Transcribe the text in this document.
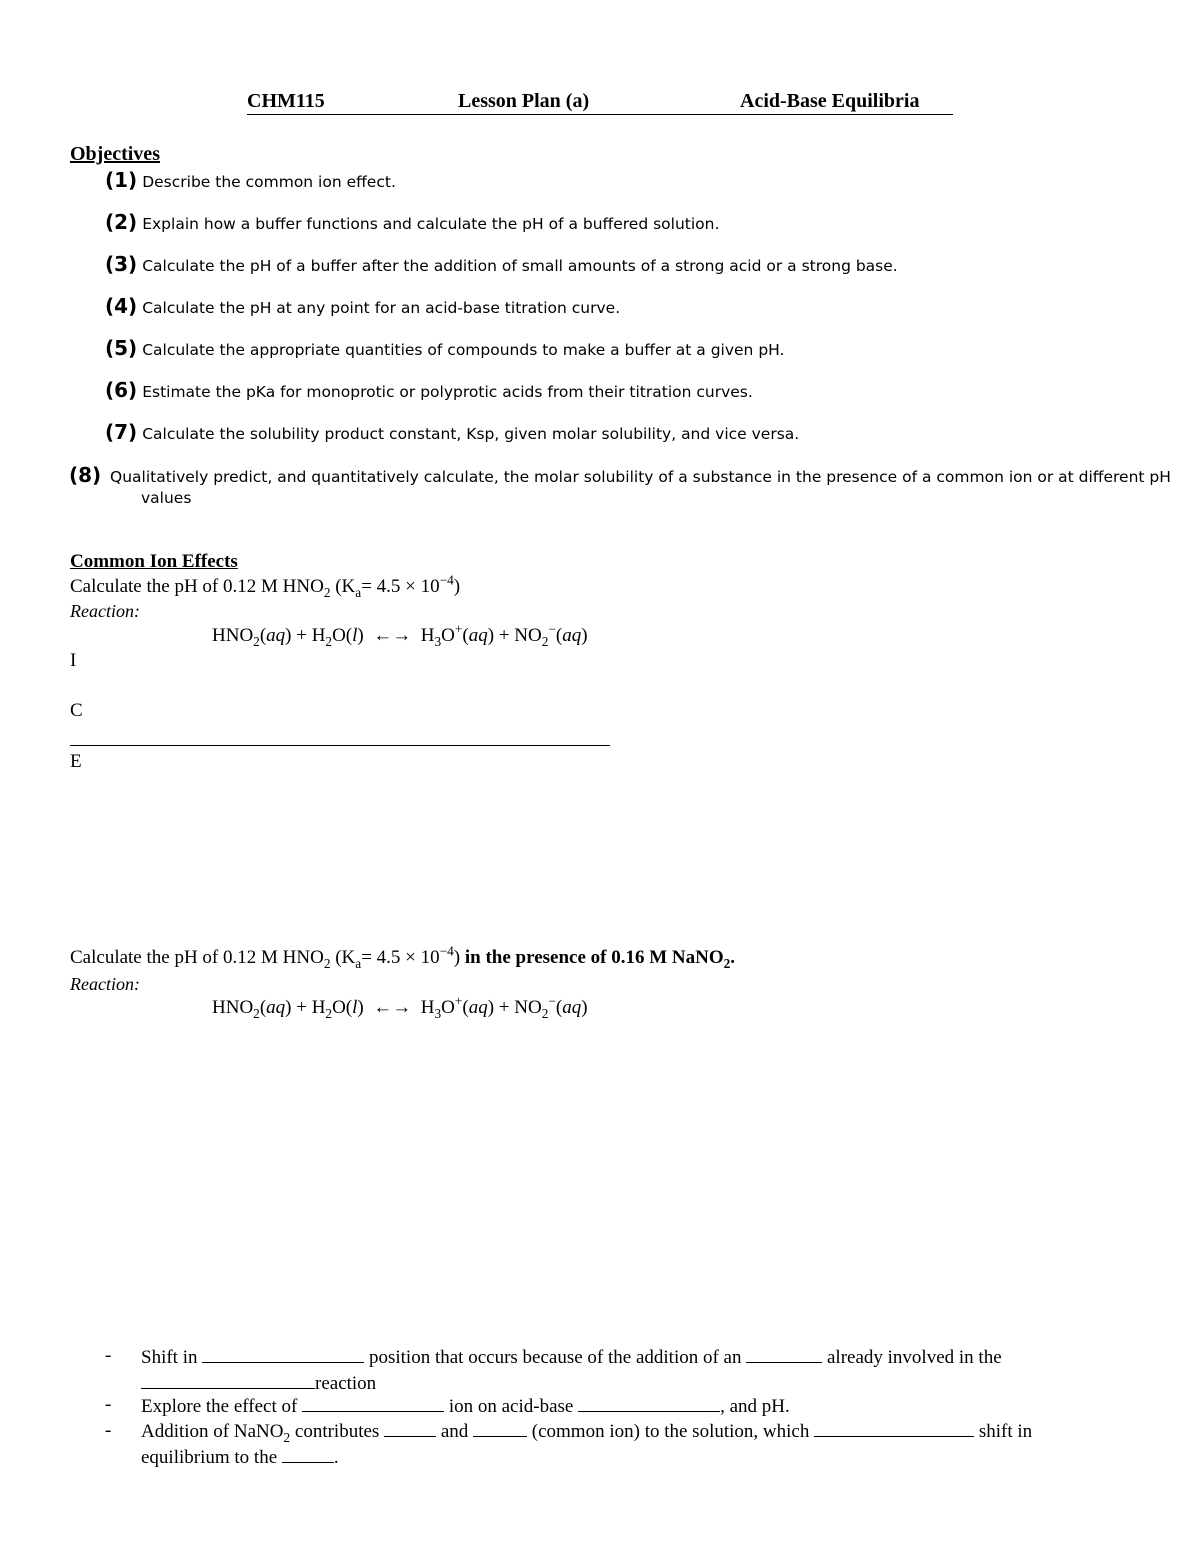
CHM115	Lesson Plan (a)	Acid-Base Equilibria
Objectives
(1) Describe the common ion effect.
(2) Explain how a buffer functions and calculate the pH of a buffered solution.
(3) Calculate the pH of a buffer after the addition of small amounts of a strong acid or a strong base.
(4) Calculate the pH at any point for an acid-base titration curve.
(5) Calculate the appropriate quantities of compounds to make a buffer at a given pH.
(6) Estimate the pKa for monoprotic or polyprotic acids from their titration curves.
(7) Calculate the solubility product constant, Ksp, given molar solubility, and vice versa.
(8) Qualitatively predict, and quantitatively calculate, the molar solubility of a substance in the presence of a common ion or at different pH values
Common Ion Effects
Calculate the pH of 0.12 M $HNO_2$ $(K_a= 4.5 \times 10^{-4})$
Reaction:
$HNO_2(aq) + H_2O(l)$  ←→  $H_3O^+(aq) + NO_2^-(aq)$
I
C
E
Calculate the pH of 0.12 M $HNO_2$ $(K_a= 4.5 \times 10^{-4})$ in the presence of 0.16 M NaNO$_2$.
Reaction:
$HNO_2(aq) + H_2O(l)$  ←→  $H_3O^+(aq) + NO_2^-(aq)$
- Shift in	position that occurs because of the addition of an	already involved in the
reaction
- Explore the effect of	ion on acid-base	, and pH.
- Addition of NaNO$_2$ contributes	and	(common ion) to the solution, which	shift in
equilibrium to the	.
